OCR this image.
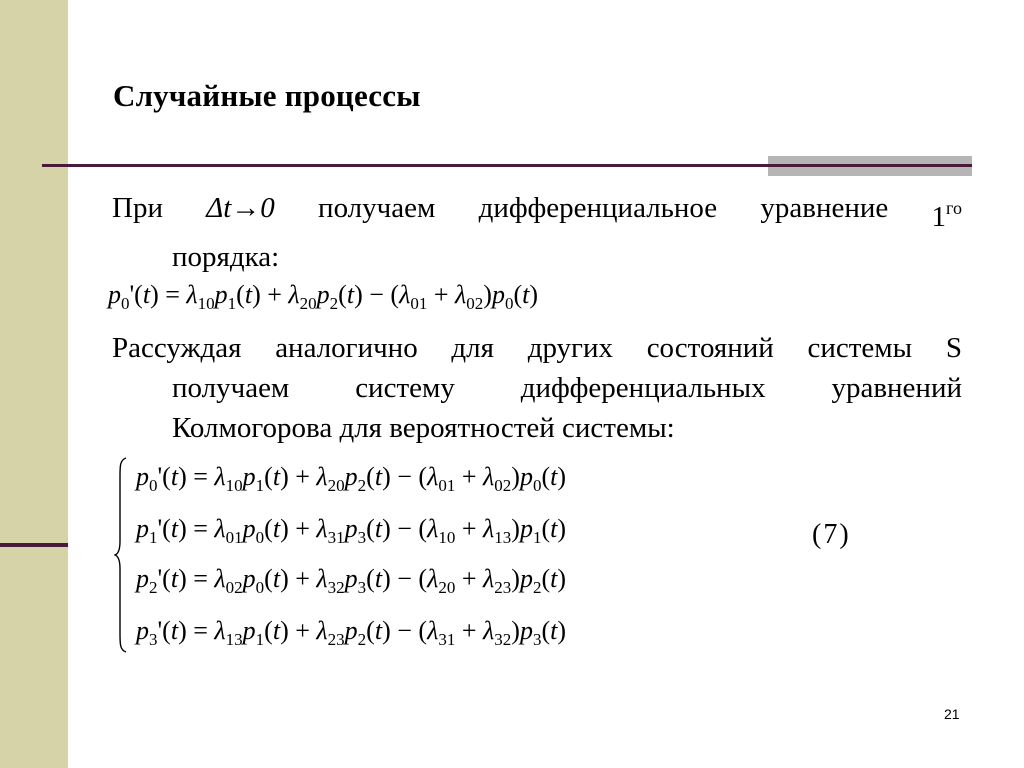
Случайные процессы
При Δt→0 получаем дифференциальное уравнение $1^{го}$
порядка:
$p_0'(t) = \lambda_{10}p_1(t) + \lambda_{20}p_2(t) - (\lambda_{01} + \lambda_{02})p_0(t)$
Рассуждая аналогично для других состояний системы S
получаем систему дифференциальных уравнений
Колмогорова для вероятностей системы:
$p_0'(t) = \lambda_{10}p_1(t) + \lambda_{20}p_2(t) - (\lambda_{01} + \lambda_{02})p_0(t)$
$p_1'(t) = \lambda_{01}p_0(t) + \lambda_{31}p_3(t) - (\lambda_{10} + \lambda_{13})p_1(t)$
$p_2'(t) = \lambda_{02}p_0(t) + \lambda_{32}p_3(t) - (\lambda_{20} + \lambda_{23})p_2(t)$
$p_3'(t) = \lambda_{13}p_1(t) + \lambda_{23}p_2(t) - (\lambda_{31} + \lambda_{32})p_3(t)$
(7)
21
